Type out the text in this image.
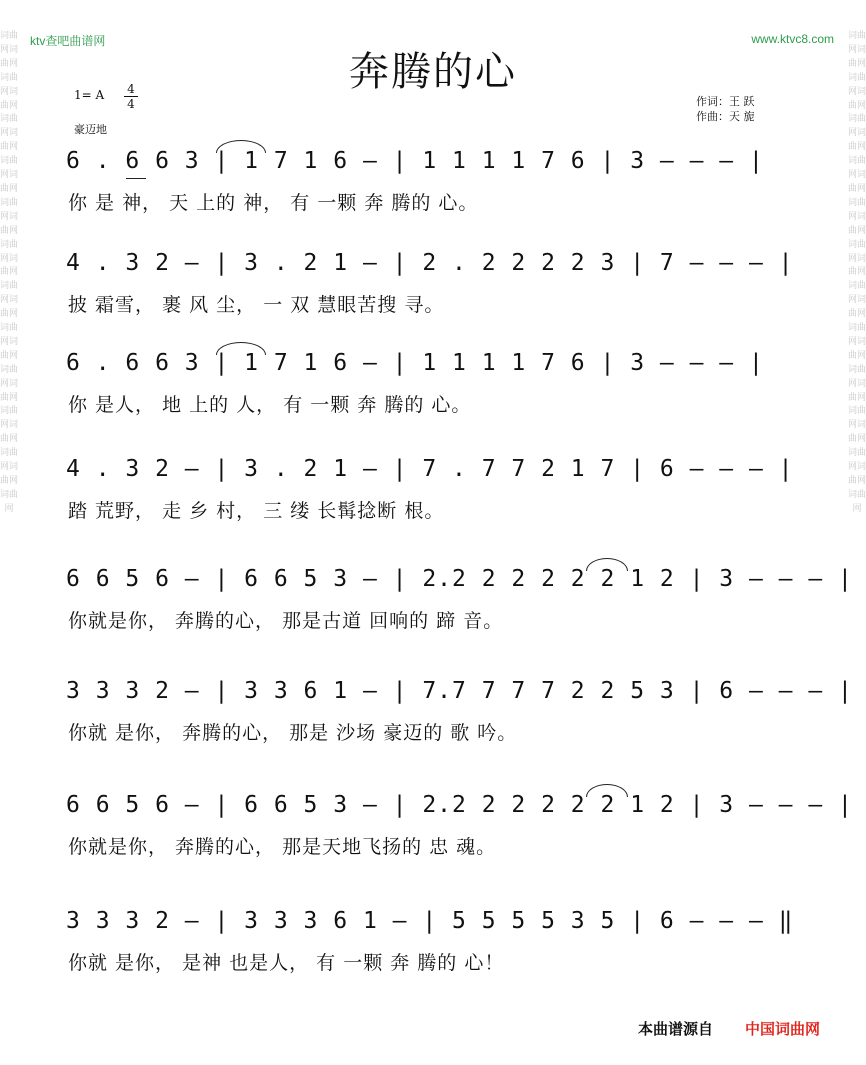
词曲网词曲网词曲网词曲网词曲网词曲网词曲网词曲网词曲网词曲网词曲网词曲网词曲网词曲网词曲网词曲网词曲网词曲网词曲网词曲网词曲网词曲网词曲网
词曲网词曲网词曲网词曲网词曲网词曲网词曲网词曲网词曲网词曲网词曲网词曲网词曲网词曲网词曲网词曲网词曲网词曲网词曲网词曲网词曲网词曲网词曲网
ktv查吧曲谱网	www.ktvc8.com
奔腾的心
1= A 4
4
豪迈地
作词：王 跃
作曲：天 旎
6 . 6 6 3 | 1 7 1 6 — | 1 1 1 1 7 6 | 3 — — — |
你 是 神， 天 上的 神， 有 一颗 奔 腾的 心。
4 . 3 2 — | 3 . 2 1 — | 2 . 2 2 2 2 3 | 7 — — — |
披 霜雪， 裹 风 尘， 一 双 慧眼苦搜 寻。
6 . 6 6 3 | 1 7 1 6 — | 1 1 1 1 7 6 | 3 — — — |
你 是人， 地 上的 人， 有 一颗 奔 腾的 心。
4 . 3 2 — | 3 . 2 1 — | 7 . 7 7 2 1 7 | 6 — — — |
踏 荒野， 走 乡 村， 三 缕 长髯捻断 根。
6 6 5 6 — | 6 6 5 3 — | 2.2 2 2 2 2 2 1 2 | 3 — — — |
你就是你， 奔腾的心， 那是古道 回响的 蹄 音。
3 3 3 2 — | 3 3 6 1 — | 7.7 7 7 7 2 2 5 3 | 6 — — — |
你就 是你， 奔腾的心， 那是 沙场 豪迈的 歌 吟。
6 6 5 6 — | 6 6 5 3 — | 2.2 2 2 2 2 2 1 2 | 3 — — — |
你就是你， 奔腾的心， 那是天地飞扬的 忠 魂。
3 3 3 2 — | 3 3 3 6 1 — | 5 5 5 5 3 5 | 6 — — — ‖
你就 是你， 是神 也是人， 有 一颗 奔 腾的 心！
本曲谱源自 中国词曲网
